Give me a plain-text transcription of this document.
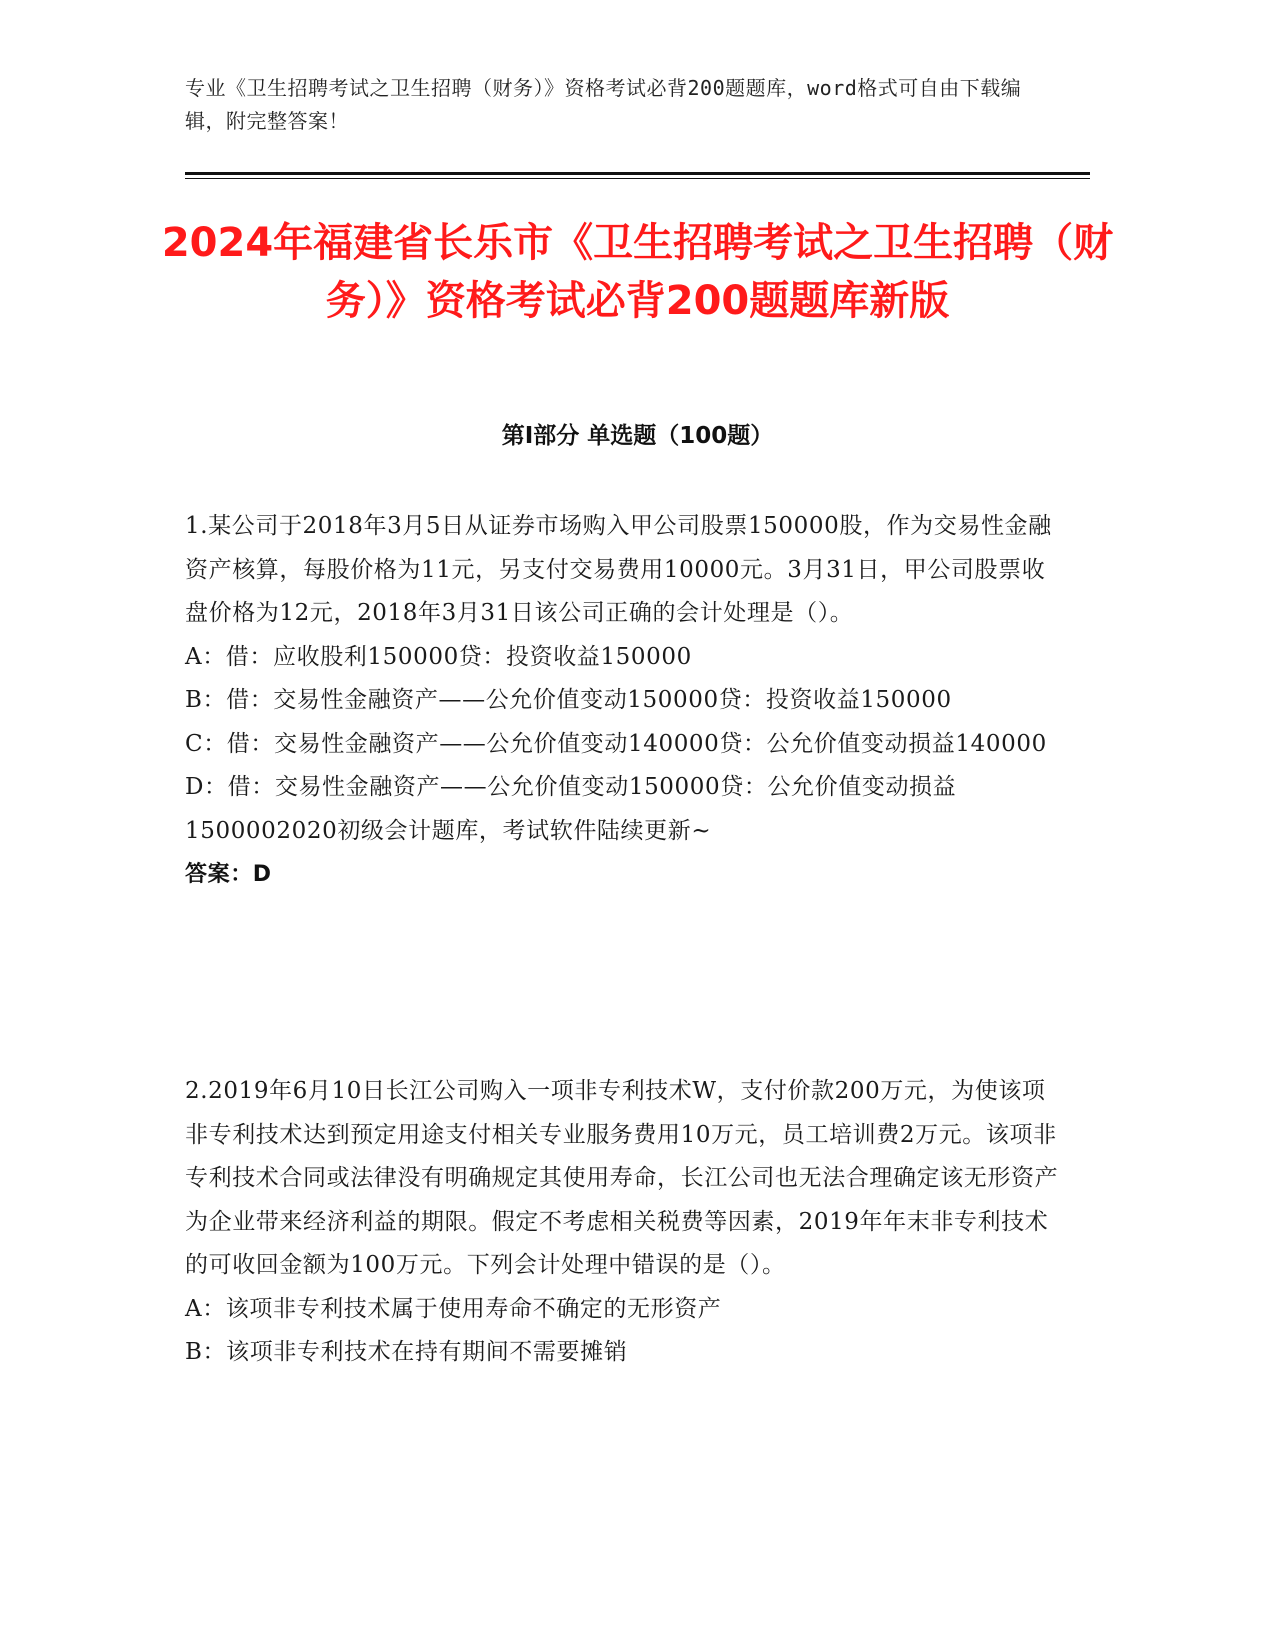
专业《卫生招聘考试之卫生招聘（财务）》资格考试必背200题题库，word格式可自由下载编辑，附完整答案！
2024年福建省长乐市《卫生招聘考试之卫生招聘（财务）》资格考试必背200题题库新版
第Ⅰ部分 单选题（100题）
1.某公司于2018年3月5日从证券市场购入甲公司股票150000股，作为交易性金融资产核算，每股价格为11元，另支付交易费用10000元。3月31日，甲公司股票收盘价格为12元，2018年3月31日该公司正确的会计处理是（）。
A：借：应收股利150000贷：投资收益150000
B：借：交易性金融资产——公允价值变动150000贷：投资收益150000
C：借：交易性金融资产——公允价值变动140000贷：公允价值变动损益140000
D：借：交易性金融资产——公允价值变动150000贷：公允价值变动损益1500002020初级会计题库，考试软件陆续更新~
答案：D
2.2019年6月10日长江公司购入一项非专利技术W，支付价款200万元，为使该项非专利技术达到预定用途支付相关专业服务费用10万元，员工培训费2万元。该项非专利技术合同或法律没有明确规定其使用寿命，长江公司也无法合理确定该无形资产为企业带来经济利益的期限。假定不考虑相关税费等因素，2019年年末非专利技术的可收回金额为100万元。下列会计处理中错误的是（）。
A：该项非专利技术属于使用寿命不确定的无形资产
B：该项非专利技术在持有期间不需要摊销
